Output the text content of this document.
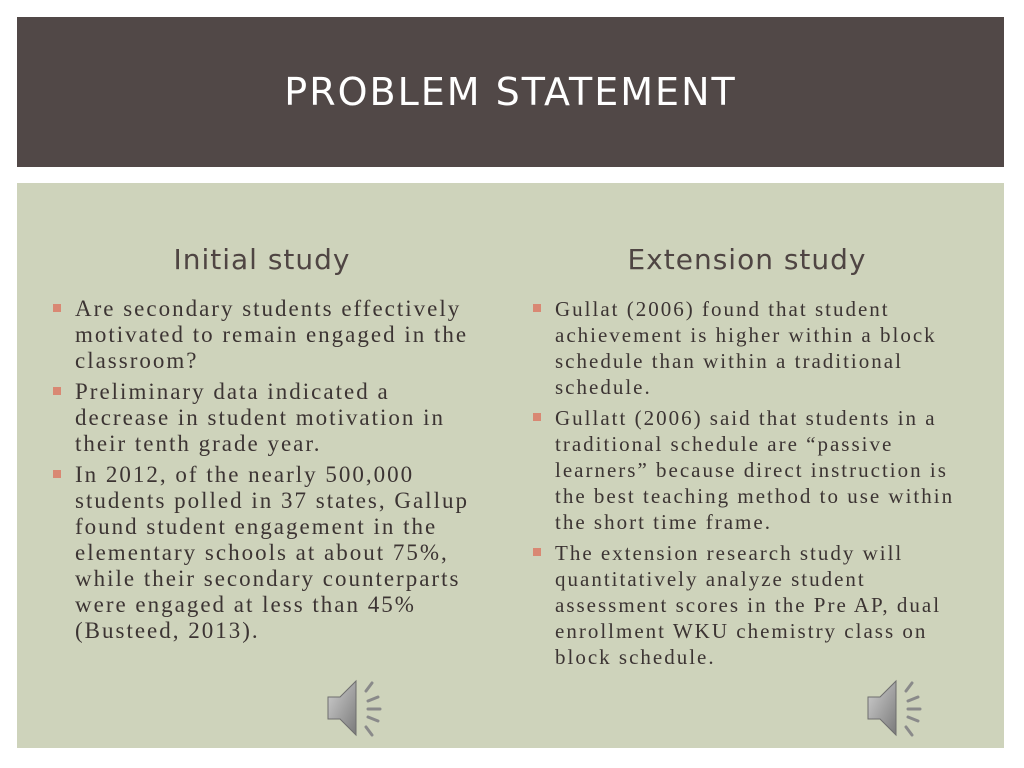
PROBLEM STATEMENT
Initial study
Are secondary students effectively motivated to remain engaged in the classroom?
Preliminary data indicated a decrease in student motivation in their tenth grade year.
In 2012, of the nearly 500,000 students polled in 37 states, Gallup found student engagement in the elementary schools at about 75%, while their secondary counterparts were engaged at less than 45% (Busteed, 2013).
Extension study
Gullat (2006) found that student achievement is higher within a block schedule than within a traditional schedule.
Gullatt (2006) said that students in a traditional schedule are “passive learners” because direct instruction is the best teaching method to use within the short time frame.
The extension research study will quantitatively analyze student assessment scores in the Pre AP, dual enrollment WKU chemistry class on block schedule.
